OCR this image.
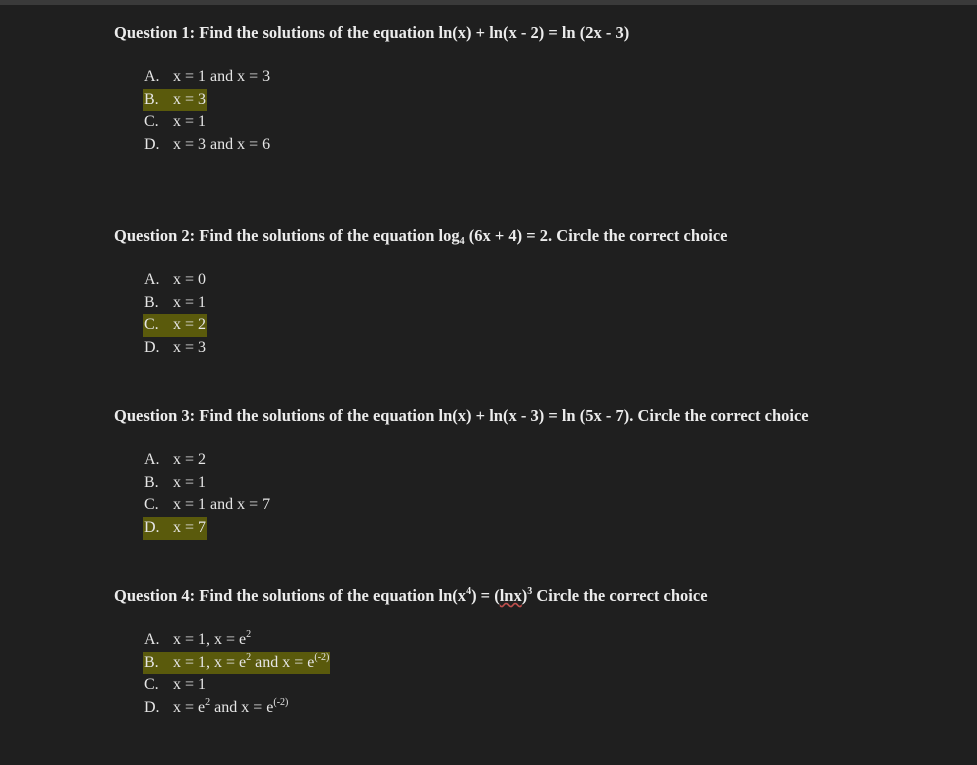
Question 1: Find the solutions of the equation ln(x) + ln(x - 2) = ln (2x - 3)
A. x = 1 and x = 3
B. x = 3
C. x = 1
D. x = 3 and x = 6
Question 2: Find the solutions of the equation $\log_4 (6x + 4) = 2$. Circle the correct choice
A. x = 0
B. x = 1
C. x = 2
D. x = 3
Question 3: Find the solutions of the equation ln(x) + ln(x - 3) = ln (5x - 7). Circle the correct choice
A. x = 2
B. x = 1
C. x = 1 and x = 7
D. x = 7
Question 4: Find the solutions of the equation $\ln(x^4) = (\ln x)^3$ Circle the correct choice
A. x = 1, $x = e^2$
B. x = 1, $x = e^2$ and $x = e^{(-2)}$
C. x = 1
D. $x = e^2$ and $x = e^{(-2)}$
